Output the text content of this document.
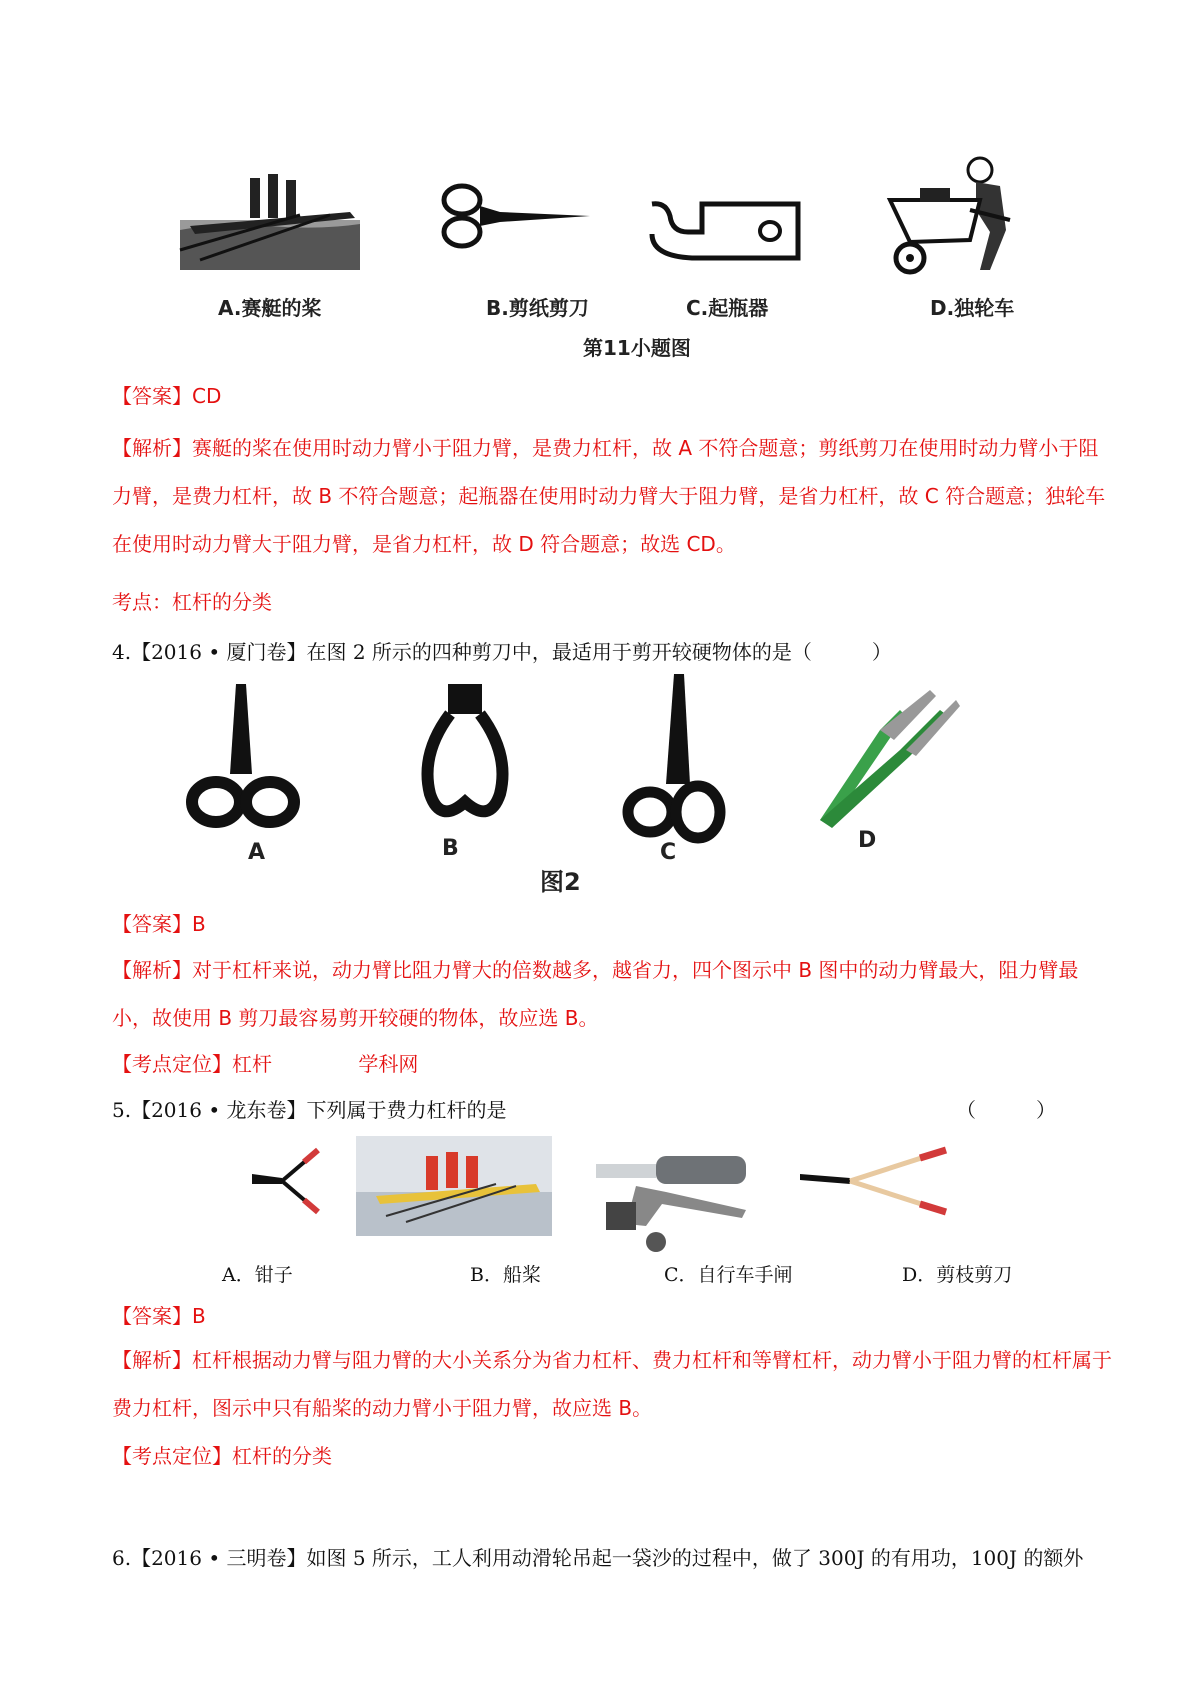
A.赛艇的桨	B.剪纸剪刀	C.起瓶器	D.独轮车
第11小题图
【答案】CD
【解析】赛艇的桨在使用时动力臂小于阻力臂，是费力杠杆，故 A 不符合题意；剪纸剪刀在使用时动力臂小于阻力臂，是费力杠杆，故 B 不符合题意；起瓶器在使用时动力臂大于阻力臂，是省力杠杆，故 C 符合题意；独轮车在使用时动力臂大于阻力臂，是省力杠杆，故 D 符合题意；故选 CD。
考点：杠杆的分类
4.【2016 • 厦门卷】在图 2 所示的四种剪刀中，最适用于剪开较硬物体的是（　　　）
A	B	C	D
图2
【答案】B
【解析】对于杠杆来说，动力臂比阻力臂大的倍数越多，越省力，四个图示中 B 图中的动力臂最大，阻力臂最小，故使用 B 剪刀最容易剪开较硬的物体，故应选 B。
【考点定位】杠杆	学科网
5.【2016 • 龙东卷】下列属于费力杠杆的是	（　　　）
A．钳子	B．船桨	C．自行车手闸	D．剪枝剪刀
【答案】B
【解析】杠杆根据动力臂与阻力臂的大小关系分为省力杠杆、费力杠杆和等臂杠杆，动力臂小于阻力臂的杠杆属于费力杠杆，图示中只有船桨的动力臂小于阻力臂，故应选 B。
【考点定位】杠杆的分类
6.【2016 • 三明卷】如图 5 所示，工人利用动滑轮吊起一袋沙的过程中，做了 300J 的有用功，100J 的额外
